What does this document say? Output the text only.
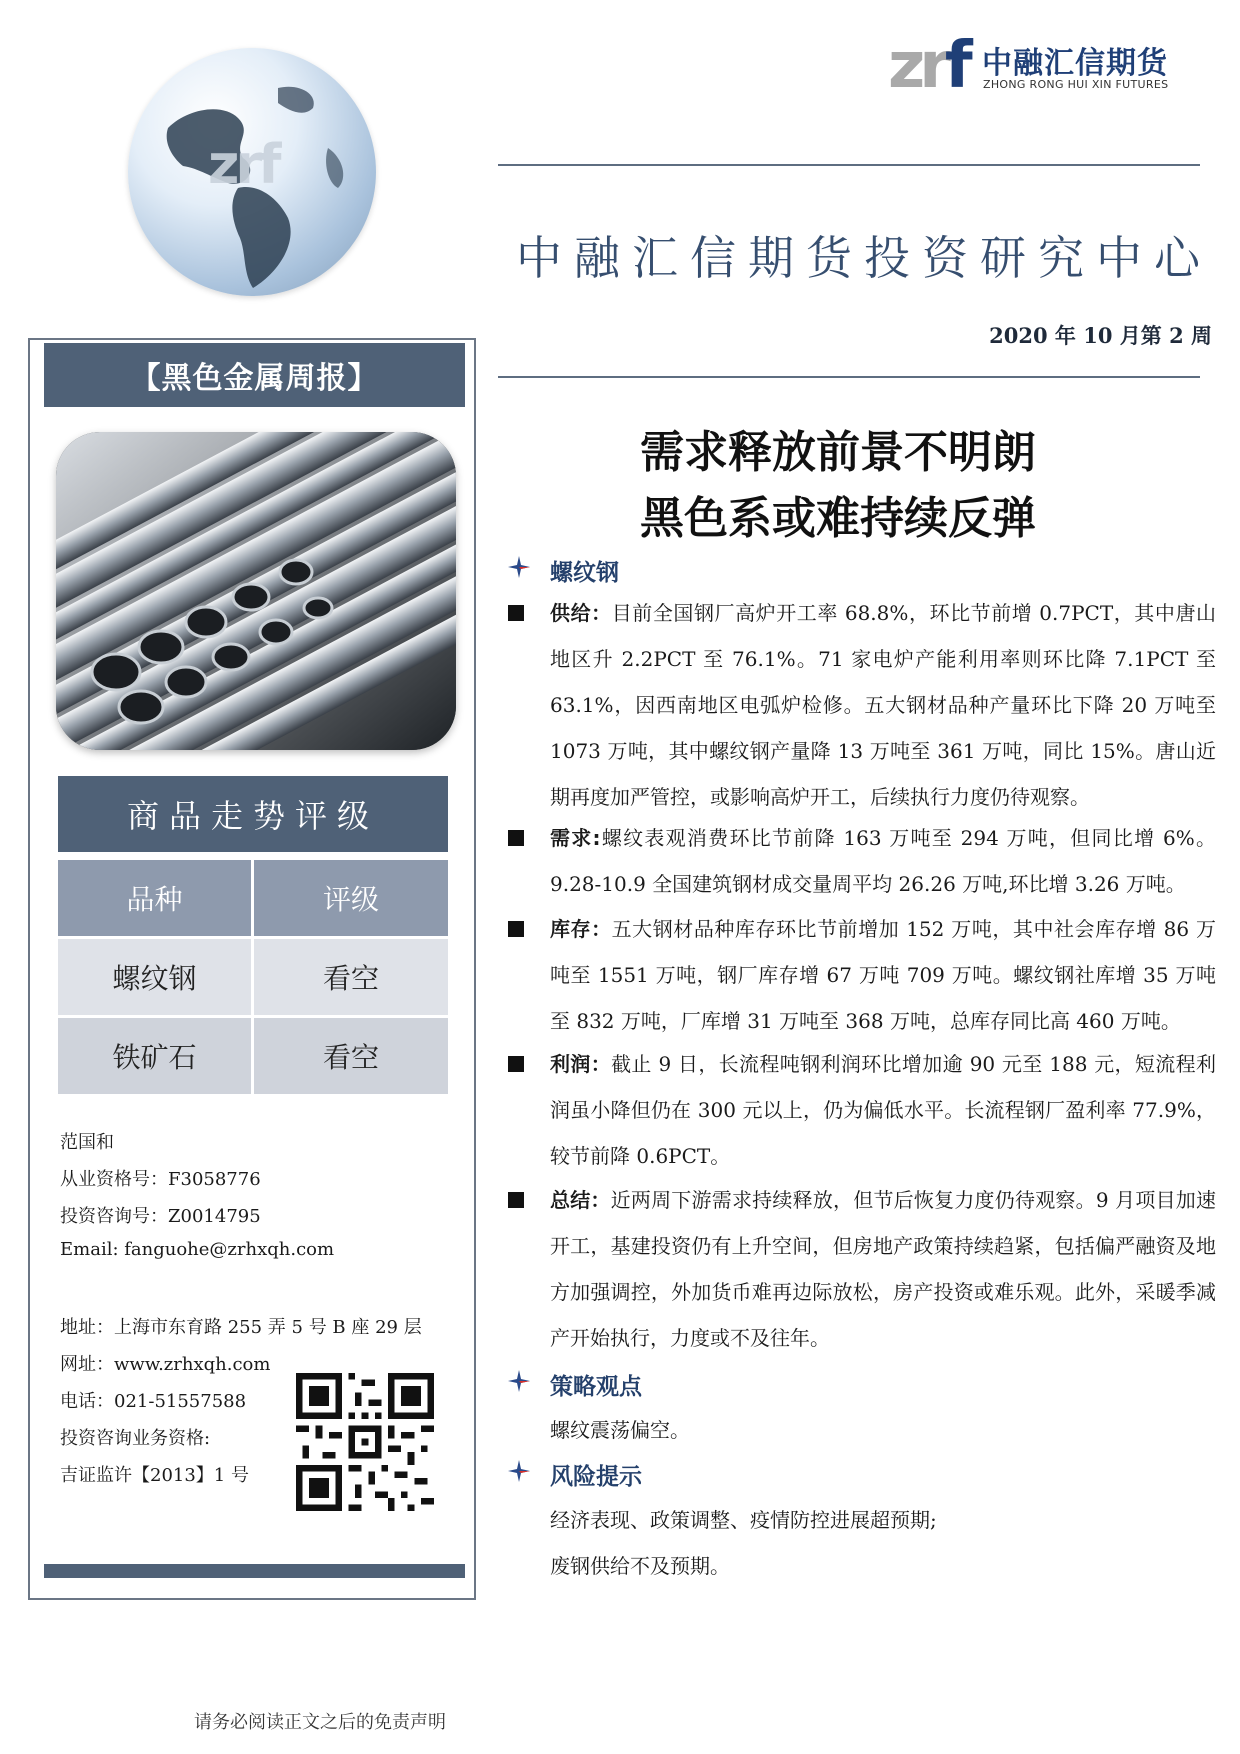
zrf
zrf 中融汇信期货
ZHONG RONG HUI XIN FUTURES
中融汇信期货投资研究中心
2020 年 10 月第 2 周
需求释放前景不明朗
黑色系或难持续反弹
【黑色金属周报】
商品走势评级
品种	评级
螺纹钢	看空
铁矿石	看空
范国和
从业资格号：F3058776
投资咨询号：Z0014795
Email: fanguohe@zrhxqh.com
地址：上海市东育路 255 弄 5 号 B 座 29 层
网址：www.zrhxqh.com
电话：021-51557588
投资咨询业务资格:
吉证监许【2013】1 号
螺纹钢
供给：目前全国钢厂高炉开工率 68.8%，环比节前增 0.7PCT，其中唐山地区升 2.2PCT 至 76.1%。71 家电炉产能利用率则环比降 7.1PCT 至 63.1%，因西南地区电弧炉检修。五大钢材品种产量环比下降 20 万吨至 1073 万吨，其中螺纹钢产量降 13 万吨至 361 万吨，同比 15%。唐山近期再度加严管控，或影响高炉开工，后续执行力度仍待观察。
需求:螺纹表观消费环比节前降 163 万吨至 294 万吨，但同比增 6%。9.28-10.9 全国建筑钢材成交量周平均 26.26 万吨,环比增 3.26 万吨。
库存：五大钢材品种库存环比节前增加 152 万吨，其中社会库存增 86 万吨至 1551 万吨，钢厂库存增 67 万吨 709 万吨。螺纹钢社库增 35 万吨至 832 万吨，厂库增 31 万吨至 368 万吨，总库存同比高 460 万吨。
利润：截止 9 日，长流程吨钢利润环比增加逾 90 元至 188 元，短流程利润虽小降但仍在 300 元以上，仍为偏低水平。长流程钢厂盈利率 77.9%，较节前降 0.6PCT。
总结：近两周下游需求持续释放，但节后恢复力度仍待观察。9 月项目加速开工，基建投资仍有上升空间，但房地产政策持续趋紧，包括偏严融资及地方加强调控，外加货币难再边际放松，房产投资或难乐观。此外，采暖季减产开始执行，力度或不及往年。
策略观点
螺纹震荡偏空。
风险提示
经济表现、政策调整、疫情防控进展超预期;
废钢供给不及预期。
请务必阅读正文之后的免责声明
